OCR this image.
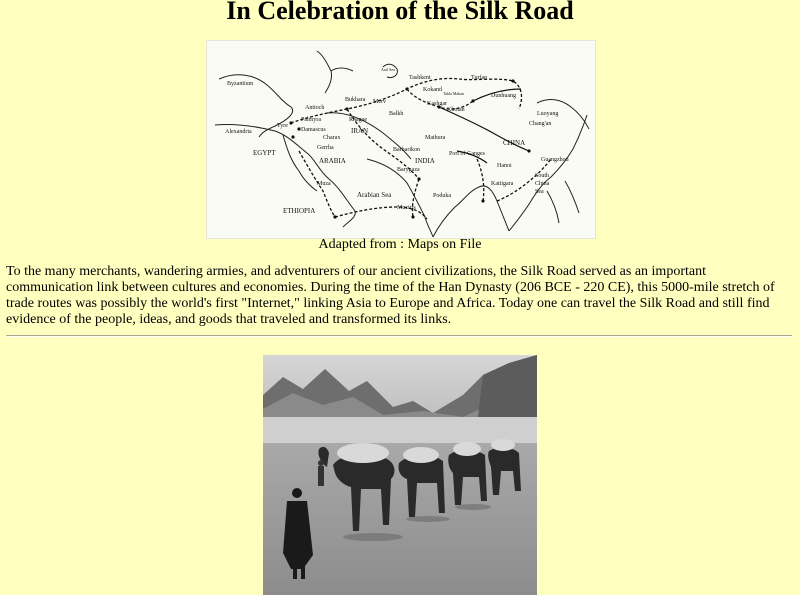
In Celebration of the Silk Road
Byzantium
Antioch
Palmyra
Tyre
Damascus
Alexandria
EGYPT
Rhagae
IRAN
Merv
Bukhara
Balkh
Aral Sea
Tashkent
Kokand
Kashgar
Khotan
Turfan
Dunhuang
Takla Makan
Luoyang
Chang'an
CHINA
Charax
Gerrha
ARABIA
Mathura
Barbarikon
INDIA
Barygaza
Port of Ganges
Guangzhou
Hanoi
Muza
Arabian Sea	Poduka
Kattigara
South
China
Sea
Muziris
ETHIOPIA
Adapted from : Maps on File

To the many merchants, wandering armies, and adventurers of our ancient civilizations, the Silk Road served as an important communication link between cultures and economies. During the time of the Han Dynasty (206 BCE - 220 CE), this 5000-mile stretch of trade routes was possibly the world's first "Internet," linking Asia to Europe and Africa. Today one can travel the Silk Road and still find evidence of the people, ideas, and goods that traveled and transformed its links.
